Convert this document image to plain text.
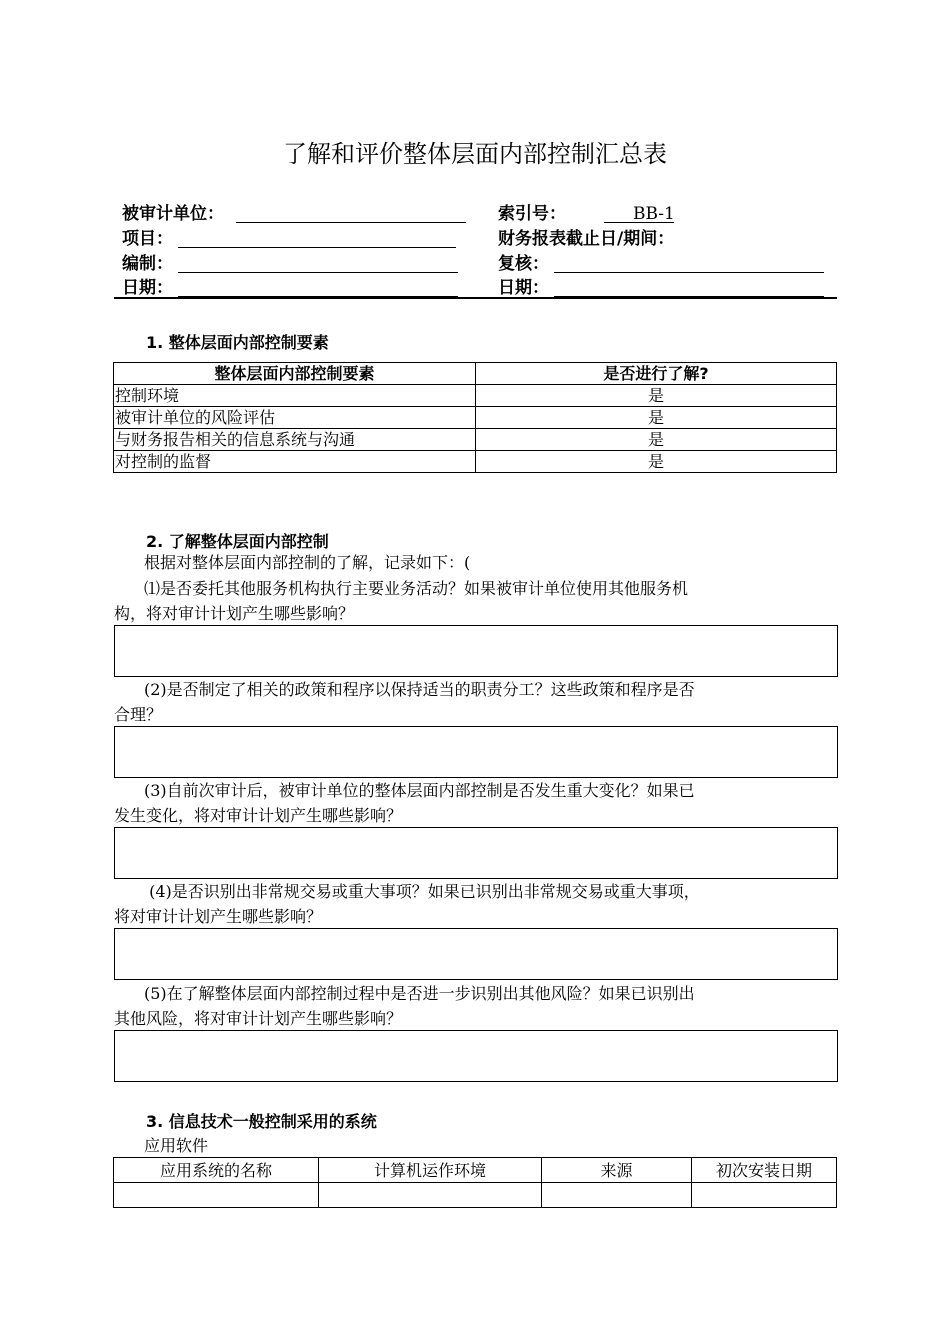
了解和评价整体层面内部控制汇总表
被审计单位：	索引号：	BB-1
项目：	财务报表截止日/期间：
编制：	复核：
日期：	日期：
1. 整体层面内部控制要素
整体层面内部控制要素	是否进行了解?
控制环境	是
被审计单位的风险评估	是
与财务报告相关的信息系统与沟通	是
对控制的监督	是
2. 了解整体层面内部控制
根据对整体层面内部控制的了解，记录如下：(
⑴是否委托其他服务机构执行主要业务活动？如果被审计单位使用其他服务机
构，将对审计计划产生哪些影响？
(2)是否制定了相关的政策和程序以保持适当的职责分工？这些政策和程序是否
合理？
(3)自前次审计后，被审计单位的整体层面内部控制是否发生重大变化？如果已
发生变化，将对审计计划产生哪些影响？
(4)是否识别出非常规交易或重大事项？如果已识别出非常规交易或重大事项，
将对审计计划产生哪些影响？
(5)在了解整体层面内部控制过程中是否进一步识别出其他风险？如果已识别出
其他风险，将对审计计划产生哪些影响？
3. 信息技术一般控制采用的系统
应用软件
应用系统的名称	计算机运作环境	来源	初次安装日期
